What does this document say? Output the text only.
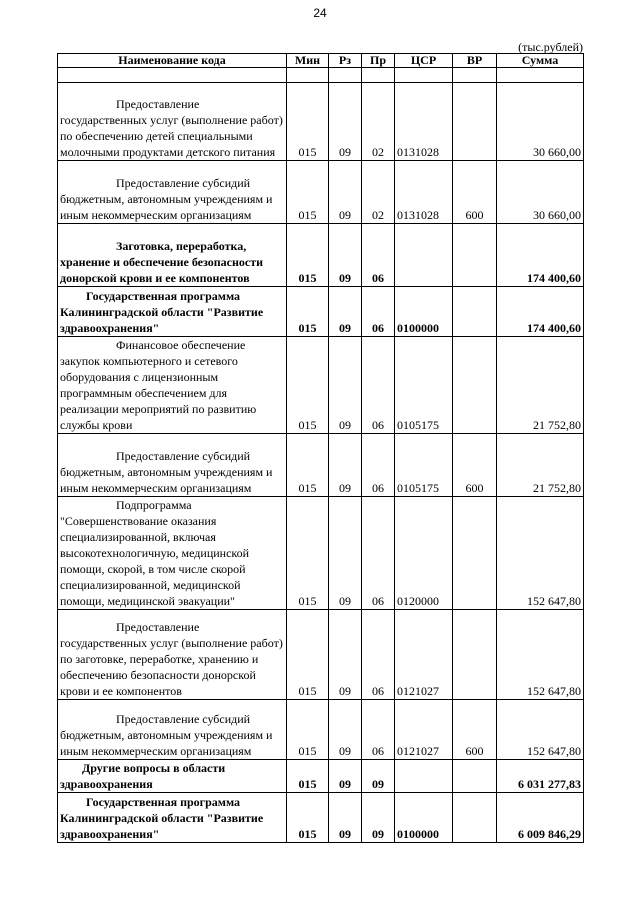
24
(тыс.рублей)
Наименование кода	Мин	Рз	Пр	ЦСР	ВР	Сумма

Предоставление государственных услуг (выполнение работ) по обеспечению детей специальными молочными продуктами детского питания	015	09	02	0131028		30 660,00
Предоставление субсидий бюджетным, автономным учреждениям и иным некоммерческим организациям	015	09	02	0131028	600	30 660,00
Заготовка, переработка, хранение и обеспечение безопасности донорской крови и ее компонентов	015	09	06			174 400,60
Государственная программа Калининградской области "Развитие здравоохранения"	015	09	06	0100000		174 400,60
Финансовое обеспечение закупок компьютерного и сетевого оборудования с лицензионным программным обеспечением для реализации мероприятий по развитию службы крови	015	09	06	0105175		21 752,80
Предоставление субсидий бюджетным, автономным учреждениям и иным некоммерческим организациям	015	09	06	0105175	600	21 752,80
Подпрограмма "Совершенствование оказания специализированной, включая высокотехнологичную, медицинской помощи, скорой, в том числе скорой специализированной, медицинской помощи, медицинской эвакуации"	015	09	06	0120000		152 647,80
Предоставление государственных услуг (выполнение работ) по заготовке, переработке, хранению и обеспечению безопасности донорской крови и ее компонентов	015	09	06	0121027		152 647,80
Предоставление субсидий бюджетным, автономным учреждениям и иным некоммерческим организациям	015	09	06	0121027	600	152 647,80
Другие вопросы в области здравоохранения	015	09	09			6 031 277,83
Государственная программа Калининградской области "Развитие здравоохранения"	015	09	09	0100000		6 009 846,29
